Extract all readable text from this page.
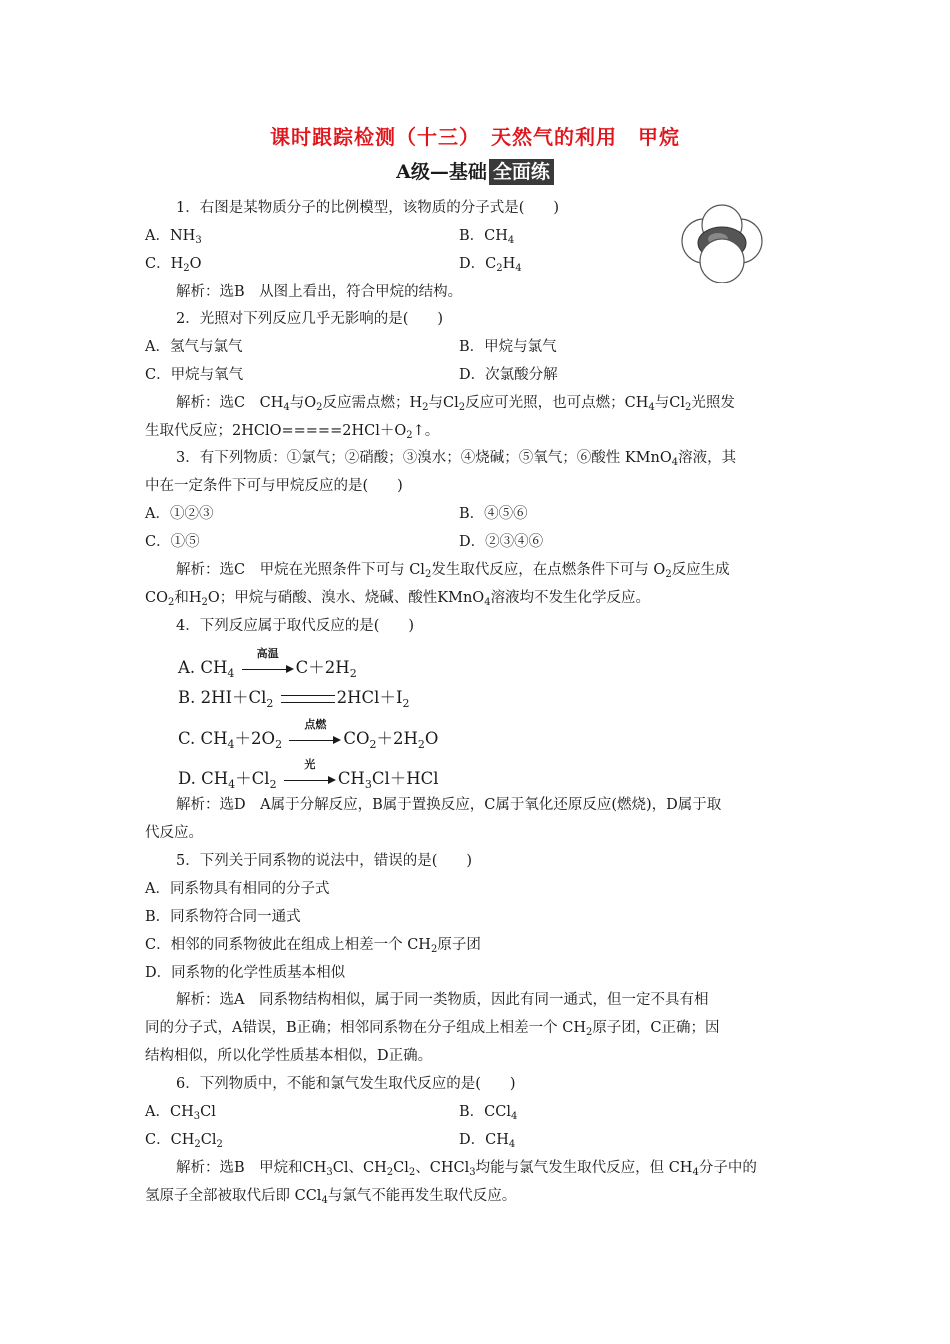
课时跟踪检测（十三）　天然气的利用　甲烷
A级—基础 全面练
1．右图是某物质分子的比例模型，该物质的分子式是(　　)
A．$NH_3$	B．$CH_4$
C．$H_2O$	D．$C_2H_4$
解析：选B　从图上看出，符合甲烷的结构。
2．光照对下列反应几乎无影响的是(　　)
A．氢气与氯气	B．甲烷与氯气
C．甲烷与氧气	D．次氯酸分解
解析：选C　$CH_4$与$O_2$反应需点燃；$H_2$与$Cl_2$反应可光照，也可点燃；$CH_4$与$Cl_2$光照发
生取代反应；$2HClO=====2HCl+O_2↑$。
3．有下列物质：①氯气；②硝酸；③溴水；④烧碱；⑤氧气；⑥酸性 KMnO$_4$溶液，其
中在一定条件下可与甲烷反应的是(　　)
A．①②③	B．④⑤⑥
C．①⑤	D．②③④⑥
解析：选C　甲烷在光照条件下可与 $Cl_2$发生取代反应，在点燃条件下可与 $O_2$反应生成
$CO_2$和$H_2O$；甲烷与硝酸、溴水、烧碱、酸性KMnO$_4$溶液均不发生化学反应。
4．下列反应属于取代反应的是(　　)
A. $CH_4$
高温
$C+2H_2$
B. $2HI+Cl_2$	$2HCl+I_2$
C. $CH_4+2O_2$
点燃
$CO_2+2H_2O$
D. $CH_4+Cl_2$
光
$CH_3Cl+HCl$
解析：选D　A属于分解反应，B属于置换反应，C属于氧化还原反应(燃烧)，D属于取
代反应。
5．下列关于同系物的说法中，错误的是(　　)
A．同系物具有相同的分子式
B．同系物符合同一通式
C．相邻的同系物彼此在组成上相差一个 $CH_2$原子团
D．同系物的化学性质基本相似
解析：选A　同系物结构相似，属于同一类物质，因此有同一通式，但一定不具有相
同的分子式，A错误，B正确；相邻同系物在分子组成上相差一个 $CH_2$原子团，C正确；因
结构相似，所以化学性质基本相似，D正确。
6．下列物质中，不能和氯气发生取代反应的是(　　)
A．$CH_3Cl$	B．CCl$_4$
C．$CH_2Cl_2$	D．$CH_4$
解析：选B　甲烷和$CH_3Cl$、$CH_2Cl_2$、CHCl$_3$均能与氯气发生取代反应，但 $CH_4$分子中的
氢原子全部被取代后即 CCl$_4$与氯气不能再发生取代反应。
